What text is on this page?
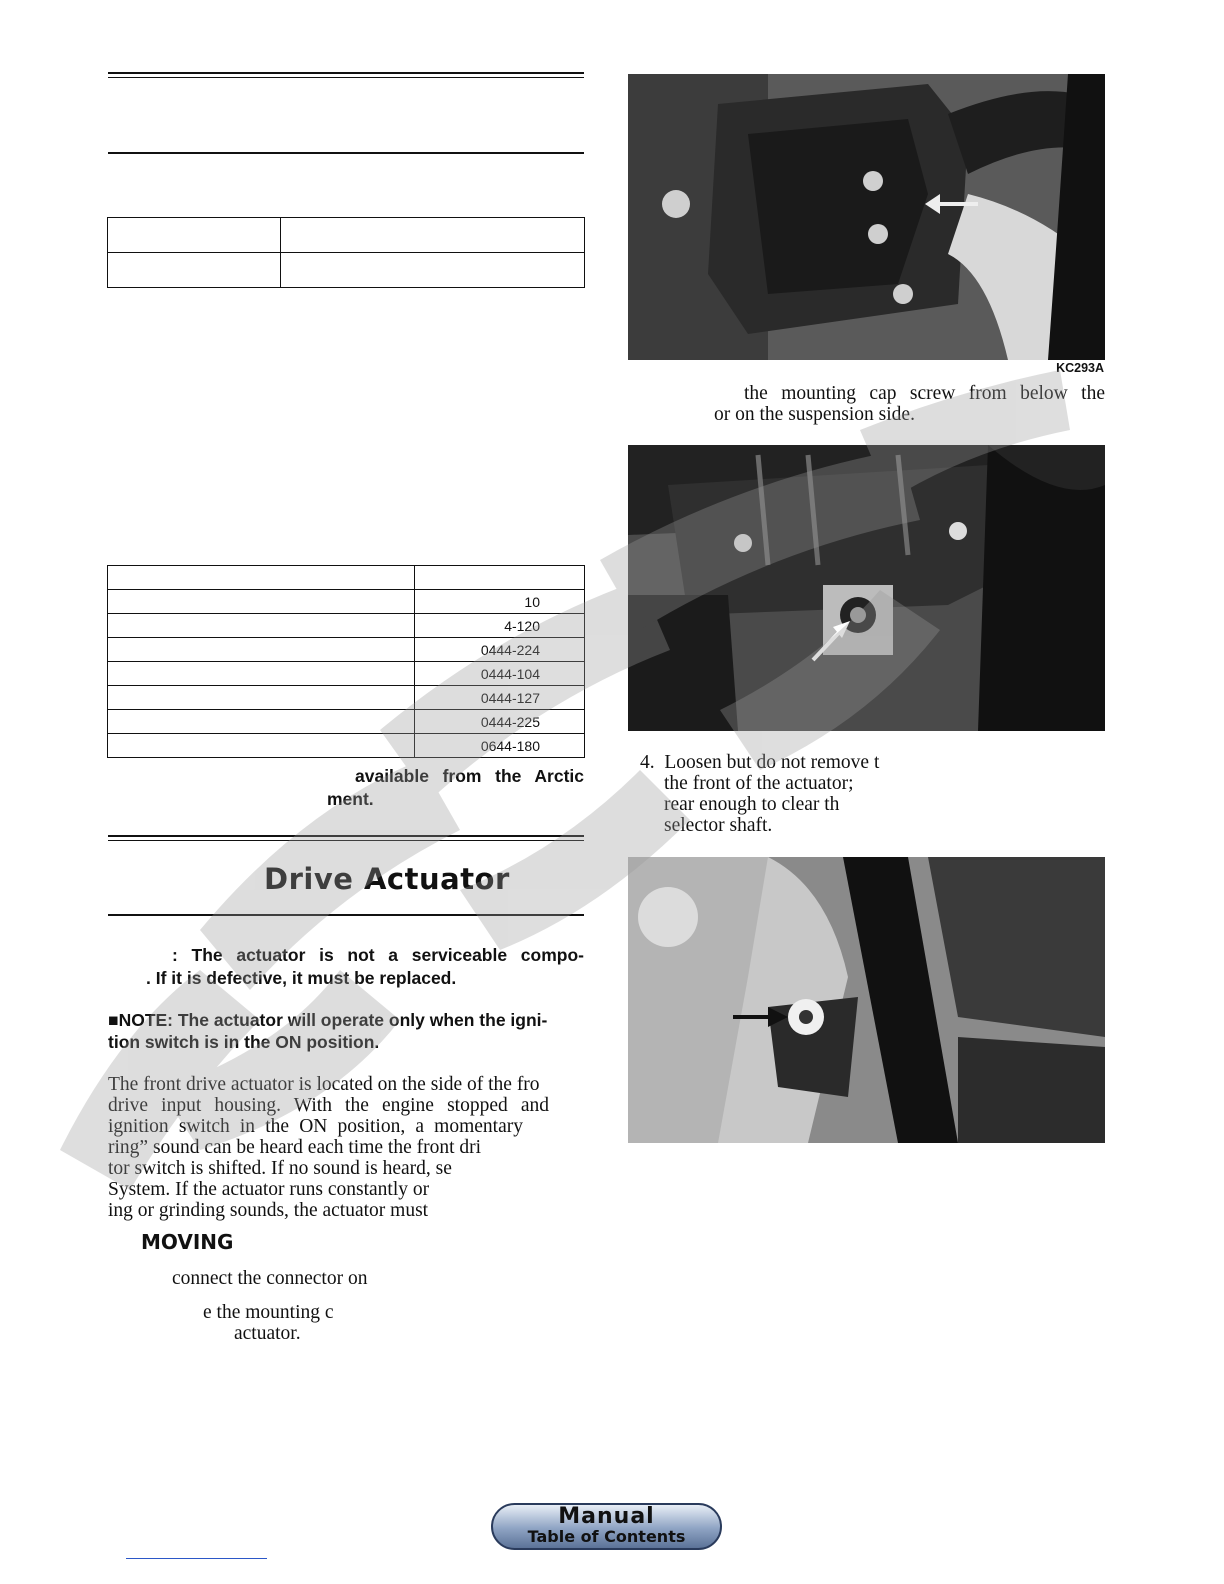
	10
	4-120
	0444-224
	0444-104
	0444-127
	0444-225
	0644-180
available from the Arctic
ment.
Drive Actuator
: The actuator is not a serviceable compo-
. If it is defective, it must be replaced.
■NOTE: The actuator will operate only when the igni-
tion switch is in the ON position.
The front drive actuator is located on the side of the fro
drive input housing. With the engine stopped and
ignition switch in the ON position, a momentary
ring” sound can be heard each time the front dri
tor switch is shifted. If no sound is heard, se
System. If the actuator runs constantly or
ing or grinding sounds, the actuator must
MOVING
connect the connector on
e the mounting c
actuator.
KC293A
the mounting cap screw from below the
or on the suspension side.
4.  Loosen but do not remove t
the front of the actuator;
rear enough to clear th
selector shaft.
Manual
Table of Contents
